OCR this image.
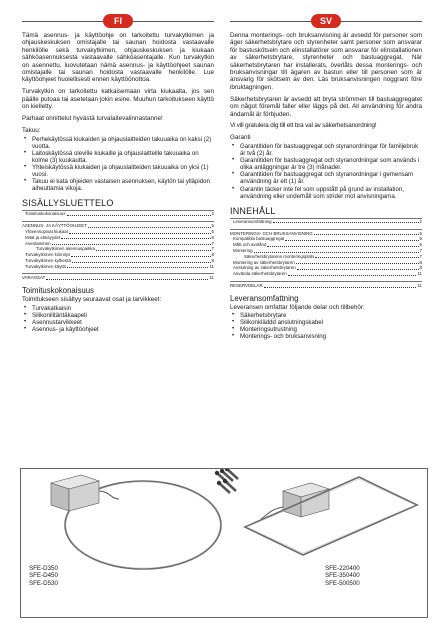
FI

Tämä asennus- ja käyttöohje on tarkoitettu turvakytkimen ja ohjauskeskuksen omistajalle tai saunan hoidosta vastaavalle henkilölle sekä turvakytkimen, ohjauskeskuksen ja kiukaan sähköasennuksesta vastaavalle sähköasentajalle. Kun turvakytkin on asennettu, luovutetaan nämä asennus- ja käyttöohjeet saunan omistajalle tai saunan hoidosta vastaavalle henkilölle. Lue käyttöohjeet huolellisesti ennen käyttöönottoa.

Turvakytkin on tarkoitettu katkaisemaan virta kiukaalta, jos sen päälle putoaa tai asetetaan jokin esine. Muuhun tarkoitukseen käyttö on kielletty.

Parhaat onnittelut hyvästä turvalaitevalinnastanne!

Takuu:
• Perhekäytössä kiukaiden ja ohjauslaitteiden takuuaika on kaksi (2) vuotta.
• Laitoskäytössä oleville kiukaille ja ohjauslaitteille takuuaika on kolme (3) kuukautta.
• Yhteiskäytössä kiukaiden ja ohjauslaitteiden takuuaika on yksi (1) vuosi.
• Takuu ei kata ohjeiden vastaisen asennuksen, käytön tai ylläpidon aiheuttamia vikoja.
SISÄLLYSLUETTELO
Toimituskokonaisuus	2
ASENNUS- JA KÄYTTÖOHJEET	5
Yhteensopivat kiukaat	5
Mitat ja etäisyydet	6
Asentaminen	7
Turvakytkimen asennuspaikka	7
Turvakytkimen kiinnitys	8
Turvakytkimen kytkentä	8
Turvakytkimen käyttö	11
VARAOSAT	11
Toimituskokonaisuus

Toimitukseen sisältyy seuraavat osat ja tarvikkeet:

• Turvakatkaisin
• Silikonilitäntäkaapeli
• Asennustarvikkeet
• Asennus- ja käyttöohjeet
SV

Denna monterings- och bruksanvisning är avsedd för personer som äger säkerhetsbrytare och styrenheter samt personer som ansvarar för bastuskötseln och elinstallatörer som ansvarar för elinstallationen av säkerhetsbrytare, styrenheter och bastuaggregat. När säkerhetsbrytaren har installerats, överlåts dessa monterings- och bruksanvisningar till ägaren av bastun eller till personen som är ansvarig för skötseln av den. Läs bruksanvisningen noggrant före ibruktagningen.

Säkerhetsbrytaren är avsedd att bryta strömmen till bastuaggregatet om något föremål faller eller läggs på det. All användning för andra ändamål är förbjuden.

Vi vill gratulera dig till ett bra val av säkerhetsanordning!

Garanti
• Garantitiden för bastuaggregat och styranordningar för familjebruk är två (2) år.
• Garantitiden för bastuaggregat och styranordningar som används i olika anläggningar är tre (3) månader.
• Garantitiden för bastuaggregat och styranordningar i gemensam användning är ett (1) år.
• Garantin täcker inte fel som uppstått på grund av installation, användning eller underhåll som strider mot anvisningarna.
INNEHÅLL
Leveransomfattning	2
MONTERINGS- OCH BRUKSANVISNING	5
Kompatibla bastuaggregat	5
Mått och avstånd	6
Montering	7
Säkerhetsbrytarens monteringsplats	7
Montering av säkerhetsbrytaren	8
Anslutning av säkerhetsbrytaren	8
Använda säkerhetsbrytaren	11
RESERVDELAR	11
Leveransomfattning

Leveransen omfattar följande delar och tillbehör:

• Säkerhetsbrytare
• Silikonkläddd anslutningskabel
• Monteringsutrustning
• Monterings- och bruksanvisning
SFE-D350
SFE-D450
SFE-D530
SFE-220400
SFE-350400
SFE-500500
